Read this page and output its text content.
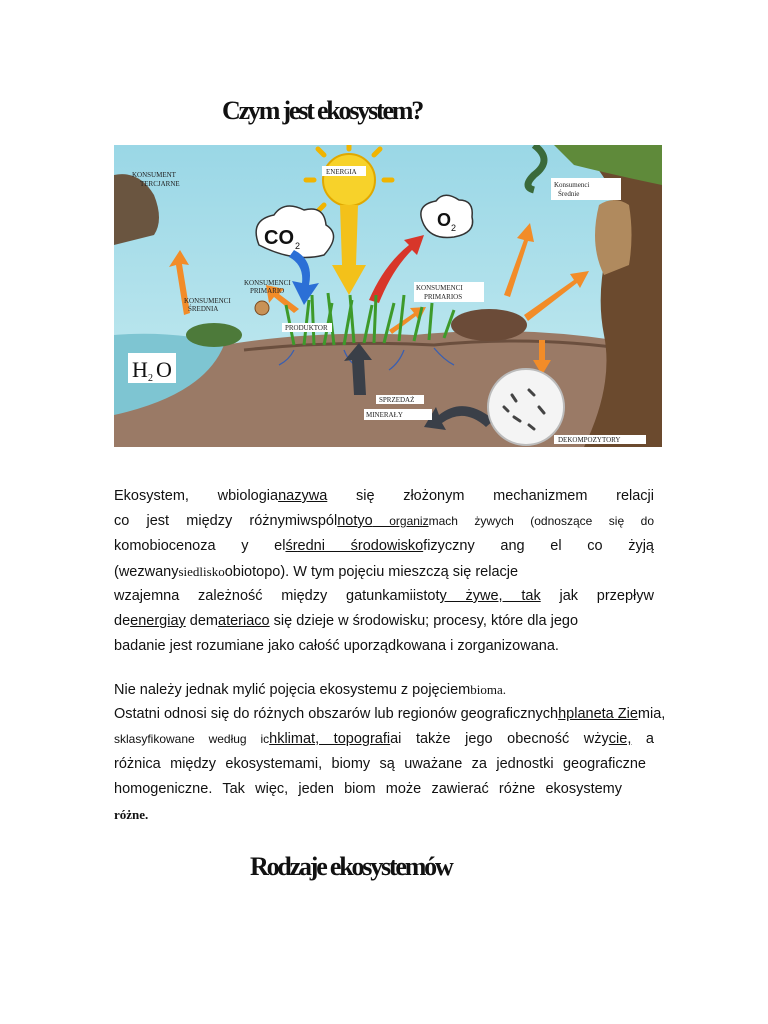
Czym jest ekosystem?
KONSUMENT
TERCJARNE
ENERGIA
CO 2
O 2
Konsumenci
Średnie
KONSUMENCI
PRIMARIO
KONSUMENCI
ŚREDNIA
KONSUMENCI
PRIMARIOS
PRODUKTOR
H 2 O
SPRZEDAŻ
MINERAŁY
DEKOMPOZYTORY
Ekosystem, wbiologianazywa się złożonym mechanizmem relacji
co jest między różnymiwspólnotyo organizmach żywych (odnoszące się do
komobiocenoza y elśredni środowiskofizyczny ang el co żyją
(wezwanysiedliskoobiotopo). W tym pojęciu mieszczą się relacje
wzajemna zależność między gatunkamiistoty żywe, tak jak przepływ
deenergiay demateriaco się dzieje w środowisku; procesy, które dla jego
badanie jest rozumiane jako całość uporządkowana i zorganizowana.
Nie należy jednak mylić pojęcia ekosystemu z pojęciembioma.
Ostatni odnosi się do różnych obszarów lub regionów geograficznychhplaneta Ziemia,
sklasyfikowane według ichklimat, topografiai także jego obecność wżycie, a
różnica między ekosystemami, biomy są uważane za jednostki geograficzne
homogeniczne. Tak więc, jeden biom może zawierać różne ekosystemy
różne.
Rodzaje ekosystemów
